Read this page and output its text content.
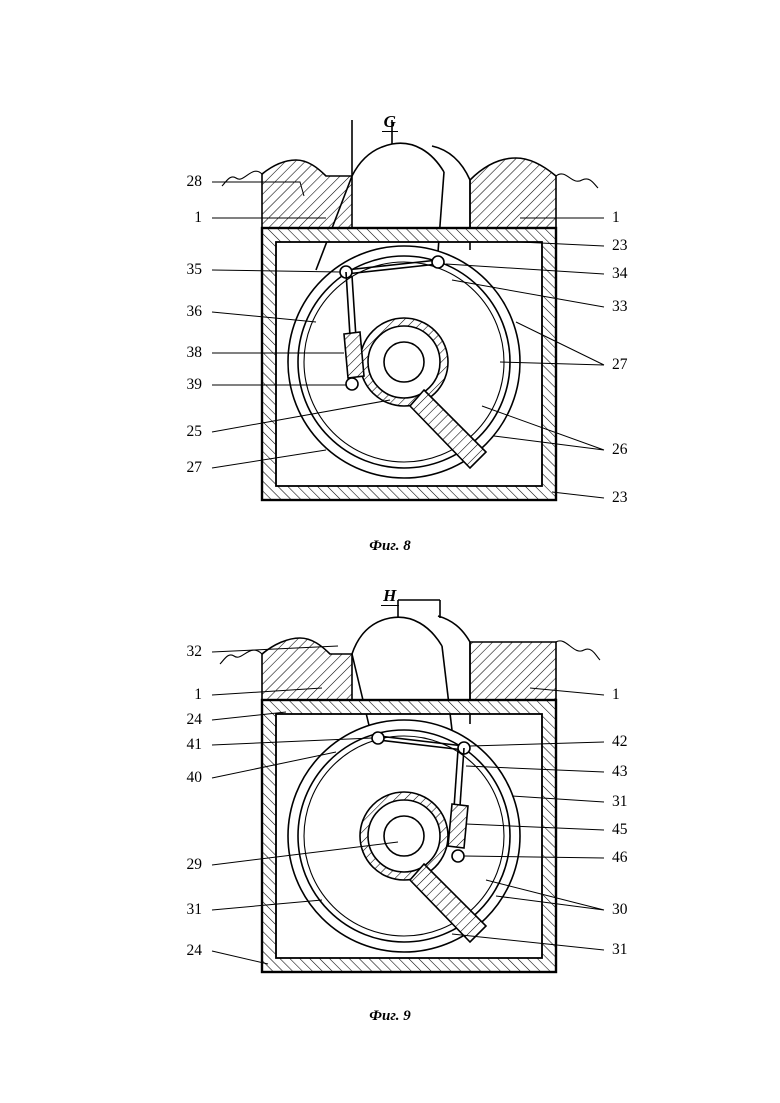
G
28
1
35
36
38
39
25
27
1
23
34
33
27
26
23
Фиг. 8
H
32
1
24
41
40
29
31
24
1
42
43
31
45
46
30
31
Фиг. 9
